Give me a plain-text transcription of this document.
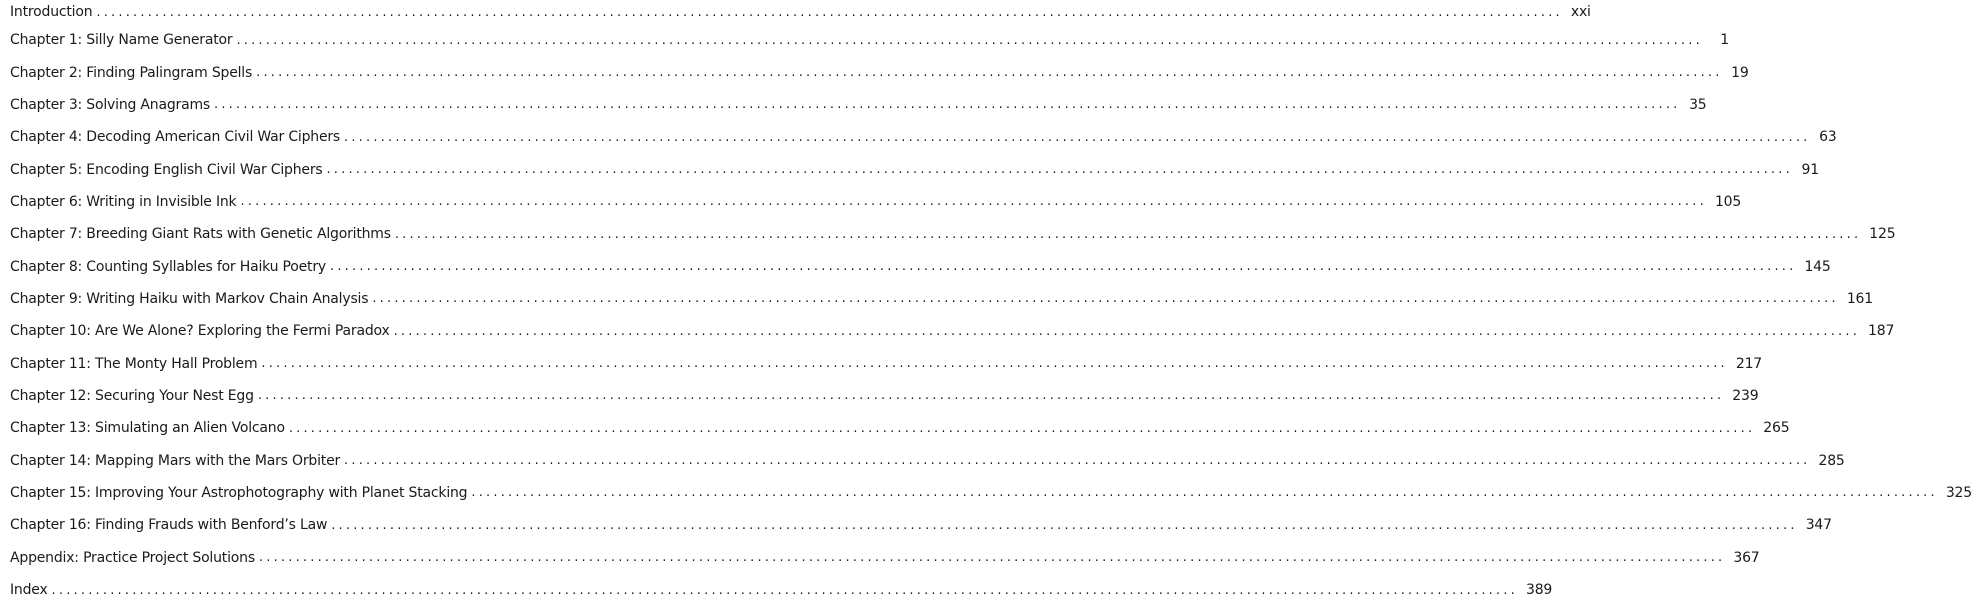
Introduction ........................................................................................................................................................................................................ xxi
Chapter 1: Silly Name Generator ........................................................................................................................................................................................................	1
Chapter 2: Finding Palingram Spells ........................................................................................................................................................................................................ 19
Chapter 3: Solving Anagrams ........................................................................................................................................................................................................ 35
Chapter 4: Decoding American Civil War Ciphers ........................................................................................................................................................................................................ 63
Chapter 5: Encoding English Civil War Ciphers ........................................................................................................................................................................................................ 91
Chapter 6: Writing in Invisible Ink ........................................................................................................................................................................................................ 105
Chapter 7: Breeding Giant Rats with Genetic Algorithms ........................................................................................................................................................................................................ 125
Chapter 8: Counting Syllables for Haiku Poetry ........................................................................................................................................................................................................ 145
Chapter 9: Writing Haiku with Markov Chain Analysis ........................................................................................................................................................................................................ 161
Chapter 10: Are We Alone? Exploring the Fermi Paradox ........................................................................................................................................................................................................ 187
Chapter 11: The Monty Hall Problem ........................................................................................................................................................................................................ 217
Chapter 12: Securing Your Nest Egg ........................................................................................................................................................................................................ 239
Chapter 13: Simulating an Alien Volcano ........................................................................................................................................................................................................ 265
Chapter 14: Mapping Mars with the Mars Orbiter ........................................................................................................................................................................................................ 285
Chapter 15: Improving Your Astrophotography with Planet Stacking ........................................................................................................................................................................................................ 325
Chapter 16: Finding Frauds with Benford’s Law ........................................................................................................................................................................................................ 347
Appendix: Practice Project Solutions ........................................................................................................................................................................................................ 367
Index ........................................................................................................................................................................................................ 389
